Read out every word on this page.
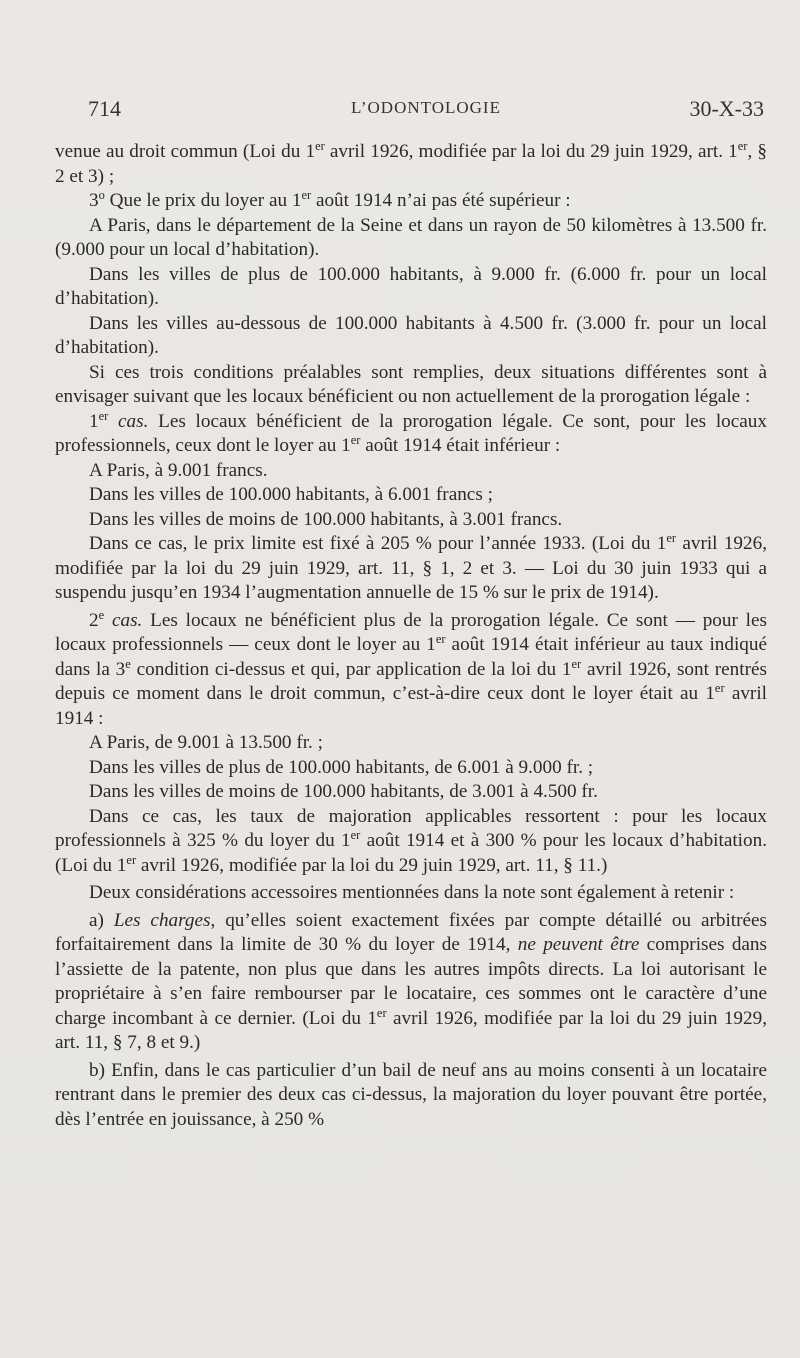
714	L’ODONTOLOGIE	30-X-33

venue au droit commun (Loi du 1er avril 1926, modifiée par la loi du 29 juin 1929, art. 1er, § 2 et 3) ;

3$^o$ Que le prix du loyer au 1er août 1914 n’ai pas été supérieur :

A Paris, dans le département de la Seine et dans un rayon de 50 kilomètres à 13.500 fr. (9.000 pour un local d’habitation).

Dans les villes de plus de 100.000 habitants, à 9.000 fr. (6.000 fr. pour un local d’habitation).

Dans les villes au-dessous de 100.000 habitants à 4.500 fr. (3.000 fr. pour un local d’habitation).

Si ces trois conditions préalables sont remplies, deux situations différentes sont à envisager suivant que les locaux bénéficient ou non actuellement de la prorogation légale :

1er cas. Les locaux bénéficient de la prorogation légale. Ce sont, pour les locaux professionnels, ceux dont le loyer au 1er août 1914 était inférieur :

A Paris, à 9.001 francs.

Dans les villes de 100.000 habitants, à 6.001 francs ;

Dans les villes de moins de 100.000 habitants, à 3.001 francs.

Dans ce cas, le prix limite est fixé à 205 % pour l’année 1933. (Loi du 1er avril 1926, modifiée par la loi du 29 juin 1929, art. 11, § 1, 2 et 3. — Loi du 30 juin 1933 qui a suspendu jusqu’en 1934 l’augmentation annuelle de 15 % sur le prix de 1914).

2e cas. Les locaux ne bénéficient plus de la prorogation légale. Ce sont — pour les locaux professionnels — ceux dont le loyer au 1er août 1914 était inférieur au taux indiqué dans la 3e condition ci-dessus et qui, par application de la loi du 1er avril 1926, sont rentrés depuis ce moment dans le droit commun, c’est-à-dire ceux dont le loyer était au 1er avril 1914 :

A Paris, de 9.001 à 13.500 fr. ;

Dans les villes de plus de 100.000 habitants, de 6.001 à 9.000 fr. ;

Dans les villes de moins de 100.000 habitants, de 3.001 à 4.500 fr.

Dans ce cas, les taux de majoration applicables ressortent : pour les locaux professionnels à 325 % du loyer du 1er août 1914 et à 300 % pour les locaux d’habitation. (Loi du 1er avril 1926, modifiée par la loi du 29 juin 1929, art. 11, § 11.)

Deux considérations accessoires mentionnées dans la note sont également à retenir :

a) Les charges, qu’elles soient exactement fixées par compte détaillé ou arbitrées forfaitairement dans la limite de 30 % du loyer de 1914, ne peuvent être comprises dans l’assiette de la patente, non plus que dans les autres impôts directs. La loi autorisant le propriétaire à s’en faire rembourser par le locataire, ces sommes ont le caractère d’une charge incombant à ce dernier. (Loi du 1er avril 1926, modifiée par la loi du 29 juin 1929, art. 11, § 7, 8 et 9.)

b) Enfin, dans le cas particulier d’un bail de neuf ans au moins consenti à un locataire rentrant dans le premier des deux cas ci-dessus, la majoration du loyer pouvant être portée, dès l’entrée en jouissance, à 250 %
